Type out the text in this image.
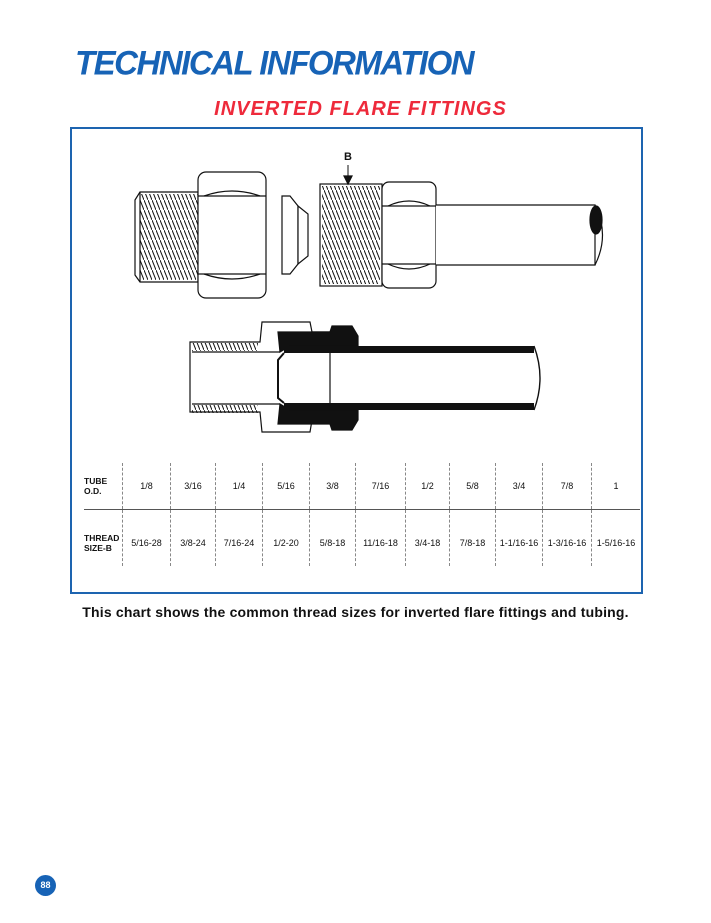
TECHNICAL INFORMATION
INVERTED FLARE FITTINGS
B
TUBE
O.D.	1/8	3/16	1/4	5/16	3/8	7/16	1/2	5/8	3/4	7/8	1
THREAD
SIZE-B	5/16-28	3/8-24	7/16-24	1/2-20	5/8-18	11/16-18	3/4-18	7/8-18	1-1/16-16	1-3/16-16	1-5/16-16
This chart shows the common thread sizes for inverted flare fittings and tubing.
88
